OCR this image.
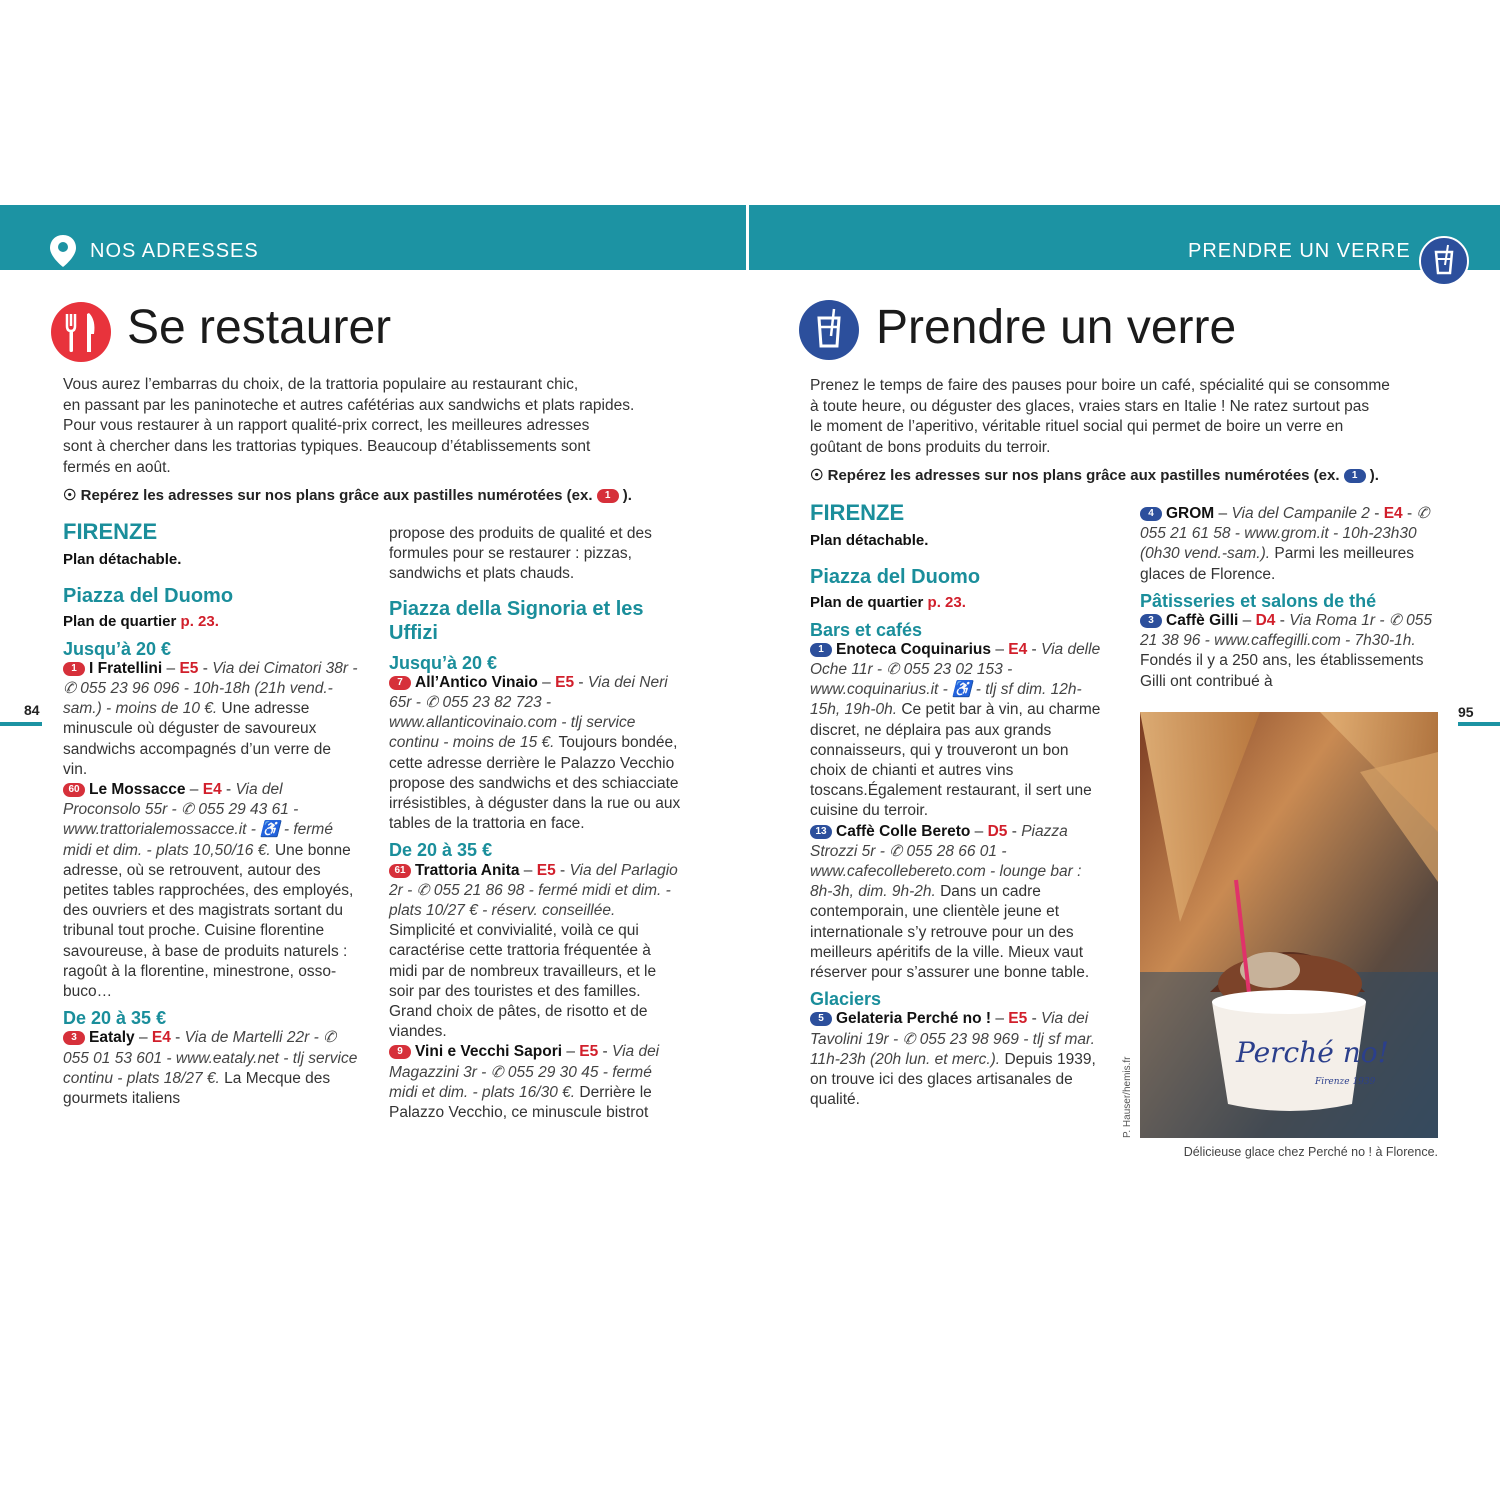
NOS ADRESSES	PRENDRE UN VERRE
Se restaurer

Vous aurez l’embarras du choix, de la trattoria populaire au restaurant chic,

en passant par les paninoteche et autres cafétérias aux sandwichs et plats rapides.

Pour vous restaurer à un rapport qualité-prix correct, les meilleures adresses

sont à chercher dans les trattorias typiques. Beaucoup d’établissements sont

fermés en août.

☉ Repérez les adresses sur nos plans grâce aux pastilles numérotées (ex. 1 ).

FIRENZE

Plan détachable.

Piazza del Duomo

Plan de quartier p. 23.

Jusqu’à 20 €

1 I Fratellini – E5 - Via dei Cimatori 38r - ✆ 055 23 96 096 - 10h-18h (21h vend.-sam.) - moins de 10 €. Une adresse minuscule où déguster de savoureux sandwichs accompagnés d’un verre de vin.

60 Le Mossacce – E4 - Via del Proconsolo 55r - ✆ 055 29 43 61 - www.trattorialemossacce.it - ♿ - fermé midi et dim. - plats 10,50/16 €. Une bonne adresse, où se retrouvent, autour des petites tables rapprochées, des employés, des ouvriers et des magistrats sortant du tribunal tout proche. Cuisine florentine savoureuse, à base de produits naturels : ragoût à la florentine, minestrone, osso-buco…

De 20 à 35 €

3 Eataly – E4 - Via de Martelli 22r - ✆ 055 01 53 601 - www.eataly.net - tlj service continu - plats 18/27 €. La Mecque des gourmets italiens

propose des produits de qualité et des formules pour se restaurer : pizzas, sandwichs et plats chauds.

Piazza della Signoria et les Uffizi

Jusqu’à 20 €

7 All’Antico Vinaio – E5 - Via dei Neri 65r - ✆ 055 23 82 723 - www.allanticovinaio.com - tlj service continu - moins de 15 €. Toujours bondée, cette adresse derrière le Palazzo Vecchio propose des sandwichs et des schiacciate irrésistibles, à déguster dans la rue ou aux tables de la trattoria en face.

De 20 à 35 €

61 Trattoria Anita – E5 - Via del Parlagio 2r - ✆ 055 21 86 98 - fermé midi et dim. - plats 10/27 € - réserv. conseillée. Simplicité et convivialité, voilà ce qui caractérise cette trattoria fréquentée à midi par de nombreux travailleurs, et le soir par des touristes et des familles. Grand choix de pâtes, de risotto et de viandes.

9 Vini e Vecchi Sapori – E5 - Via dei Magazzini 3r - ✆ 055 29 30 45 - fermé midi et dim. - plats 16/30 €. Derrière le Palazzo Vecchio, ce minuscule bistrot

84	95
Prendre un verre

Prenez le temps de faire des pauses pour boire un café, spécialité qui se consomme

à toute heure, ou déguster des glaces, vraies stars en Italie ! Ne ratez surtout pas

le moment de l’aperitivo, véritable rituel social qui permet de boire un verre en

goûtant de bons produits du terroir.

☉ Repérez les adresses sur nos plans grâce aux pastilles numérotées (ex. 1 ).

FIRENZE

Plan détachable.

Piazza del Duomo

Plan de quartier p. 23.

Bars et cafés

1 Enoteca Coquinarius – E4 - Via delle Oche 11r - ✆ 055 23 02 153 - www.coquinarius.it - ♿ - tlj sf dim. 12h-15h, 19h-0h. Ce petit bar à vin, au charme discret, ne déplaira pas aux grands connaisseurs, qui y trouveront un bon choix de chianti et autres vins toscans.Également restaurant, il sert une cuisine du terroir.

13 Caffè Colle Bereto – D5 - Piazza Strozzi 5r - ✆ 055 28 66 01 - www.cafecollebereto.com - lounge bar : 8h-3h, dim. 9h-2h. Dans un cadre contemporain, une clientèle jeune et internationale s’y retrouve pour un des meilleurs apéritifs de la ville. Mieux vaut réserver pour s’assurer une bonne table.

Glaciers

5 Gelateria Perché no ! – E5 - Via dei Tavolini 19r - ✆ 055 23 98 969 - tlj sf mar. 11h-23h (20h lun. et merc.). Depuis 1939, on trouve ici des glaces artisanales de qualité.

4 GROM – Via del Campanile 2 - E4 - ✆ 055 21 61 58 - www.grom.it - 10h-23h30 (0h30 vend.-sam.). Parmi les meilleures glaces de Florence.

Pâtisseries et salons de thé

3 Caffè Gilli – D4 - Via Roma 1r - ✆ 055 21 38 96 - www.caffegilli.com - 7h30-1h. Fondés il y a 250 ans, les établissements Gilli ont contribué à

Perché no!
Firenze 1939
P. Hauser/hemis.fr
Délicieuse glace chez Perché no ! à Florence.
